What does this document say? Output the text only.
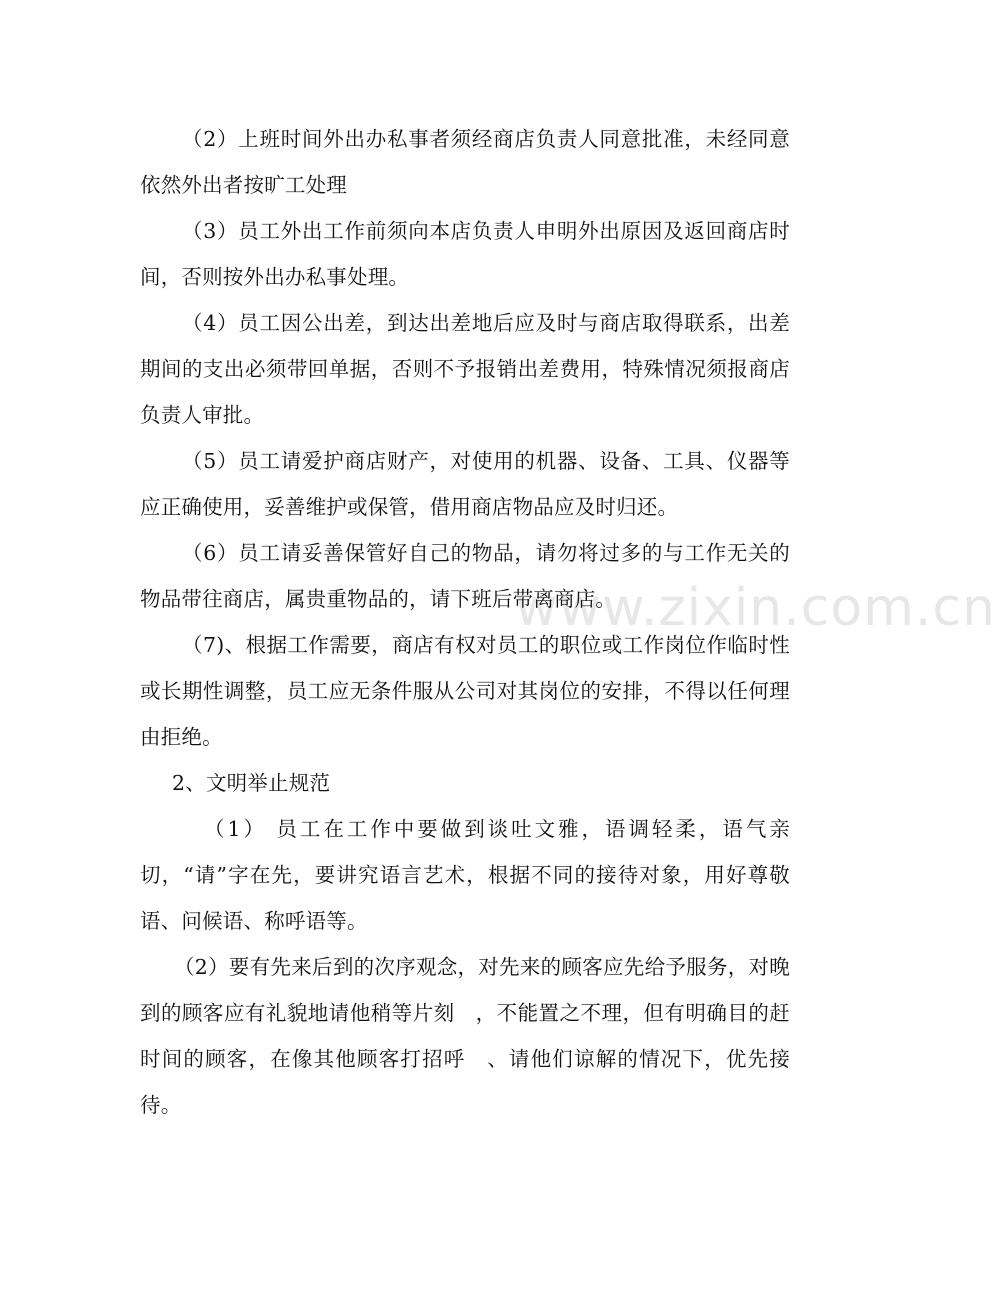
www.zixin.com.cn

（2）上班时间外出办私事者须经商店负责人同意批准，未经同意依然外出者按旷工处理

（3）员工外出工作前须向本店负责人申明外出原因及返回商店时间，否则按外出办私事处理。

（4）员工因公出差，到达出差地后应及时与商店取得联系，出差期间的支出必须带回单据，否则不予报销出差费用，特殊情况须报商店负责人审批。

（5）员工请爱护商店财产，对使用的机器、设备、工具、仪器等应正确使用，妥善维护或保管，借用商店物品应及时归还。

（6）员工请妥善保管好自己的物品，请勿将过多的与工作无关的物品带往商店，属贵重物品的，请下班后带离商店。

（7)、根据工作需要，商店有权对员工的职位或工作岗位作临时性或长期性调整，员工应无条件服从公司对其岗位的安排，不得以任何理由拒绝。

2、文明举止规范

（1） 员工在工作中要做到谈吐文雅，语调轻柔，语气亲切，“请”字在先，要讲究语言艺术，根据不同的接待对象，用好尊敬语、问候语、称呼语等。

（2）要有先来后到的次序观念，对先来的顾客应先给予服务，对晚到的顾客应有礼貌地请他稍等片刻　，不能置之不理，但有明确目的赶时间的顾客，在像其他顾客打招呼　、请他们谅解的情况下，优先接待。
